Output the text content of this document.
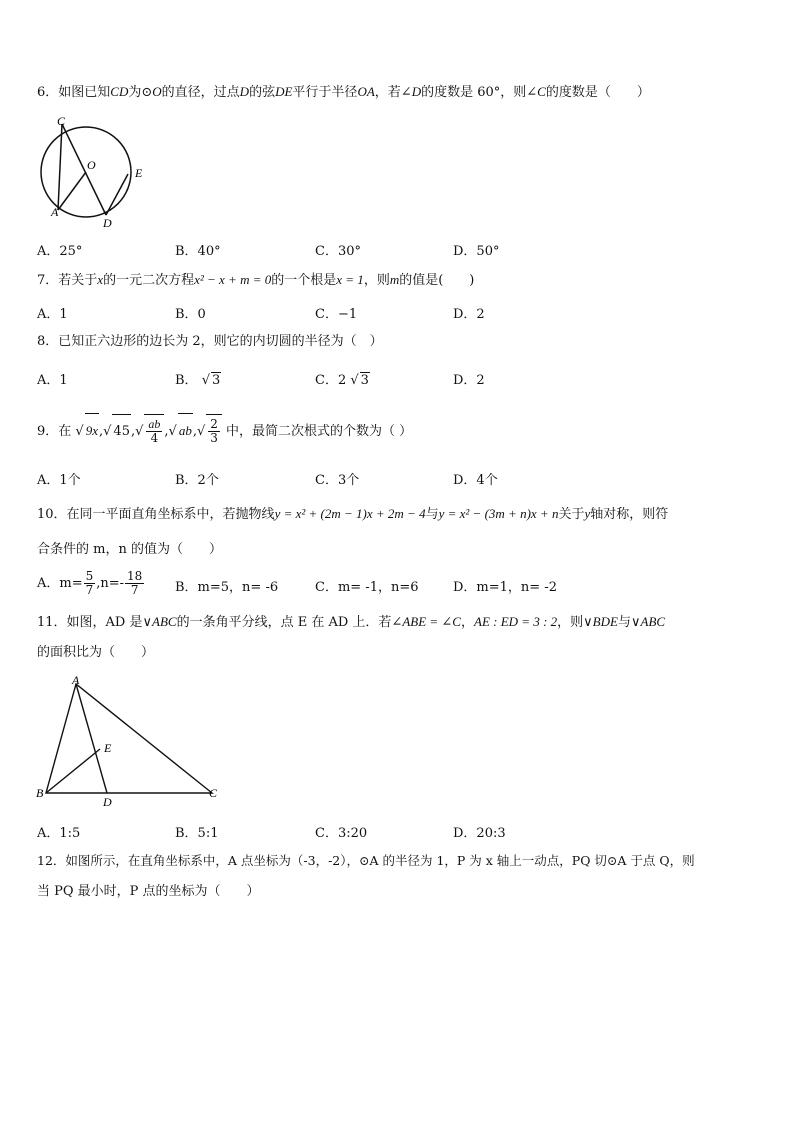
6．如图已知CD为⊙O的直径，过点D的弦DE平行于半径OA，若∠D的度数是 60°，则∠C的度数是（　　）
C
O
E
A
D
A．25°	B．40°	C．30°	D．50°
7．若关于x的一元二次方程x² − x + m = 0的一个根是x = 1，则m的值是(　　)
A．1	B．0	C．−1	D．2
8．已知正六边形的边长为 2，则它的内切圆的半径为（　）
A．1	B． √ 3	C．2 √ 3	D．2
9．在 √ 9x,√ $45,√ \frac{ab}{4}$ ,√ $ab,√ \frac{2}{3}$ 中，最简二次根式的个数为（ ）
A．1个	B．2个	C．3个	D．4个
10．在同一平面直角坐标系中，若抛物线y = x² + (2m − 1)x + 2m − 4与y = x² − (3m + n)x + n关于y轴对称，则符
合条件的 m，n 的值为（　　）
A．$m= \frac{5}{7} ,n=- \frac{18}{7}$ B．m=5，n= -6	C．m= -1，n=6	D．m=1，n= -2
11．如图，AD 是∨ABC的一条角平分线，点 E 在 AD 上．若∠ABE = ∠C，AE : ED = 3 : 2，则∨BDE与∨ABC
的面积比为（　　）
A
E
B
D
C
A．1:5	B．5:1	C．3:20	D．20:3
12．如图所示，在直角坐标系中，A 点坐标为（-3，-2），⊙A 的半径为 1，P 为 x 轴上一动点，PQ 切⊙A 于点 Q，则
当 PQ 最小时，P 点的坐标为（　　）
